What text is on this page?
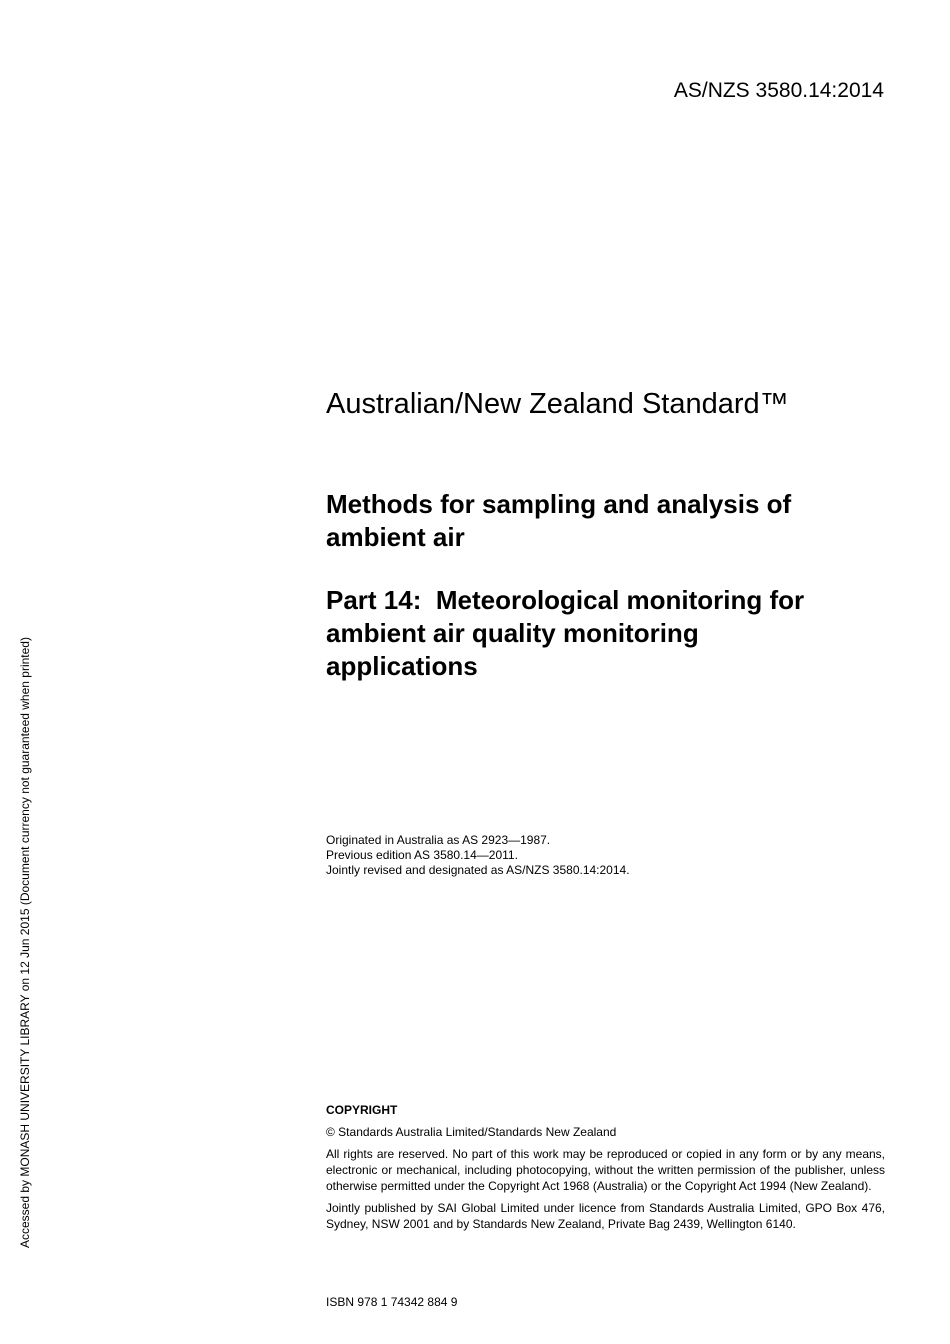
AS/NZS 3580.14:2014
Australian/New Zealand Standard™
Methods for sampling and analysis of
ambient air
Part 14:  Meteorological monitoring for
ambient air quality monitoring
applications
Originated in Australia as AS 2923—1987.
Previous edition AS 3580.14—2011.
Jointly revised and designated as AS/NZS 3580.14:2014.
COPYRIGHT
© Standards Australia Limited/Standards New Zealand
All rights are reserved. No part of this work may be reproduced or copied in any form or by any means, electronic or mechanical, including photocopying, without the written permission of the publisher, unless otherwise permitted under the Copyright Act 1968 (Australia) or the Copyright Act 1994 (New Zealand).
Jointly published by SAI Global Limited under licence from Standards Australia Limited, GPO Box 476, Sydney, NSW 2001 and by Standards New Zealand, Private Bag 2439, Wellington 6140.
ISBN 978 1 74342 884 9
Accessed by MONASH UNIVERSITY LIBRARY on 12 Jun 2015 (Document currency not guaranteed when printed)
